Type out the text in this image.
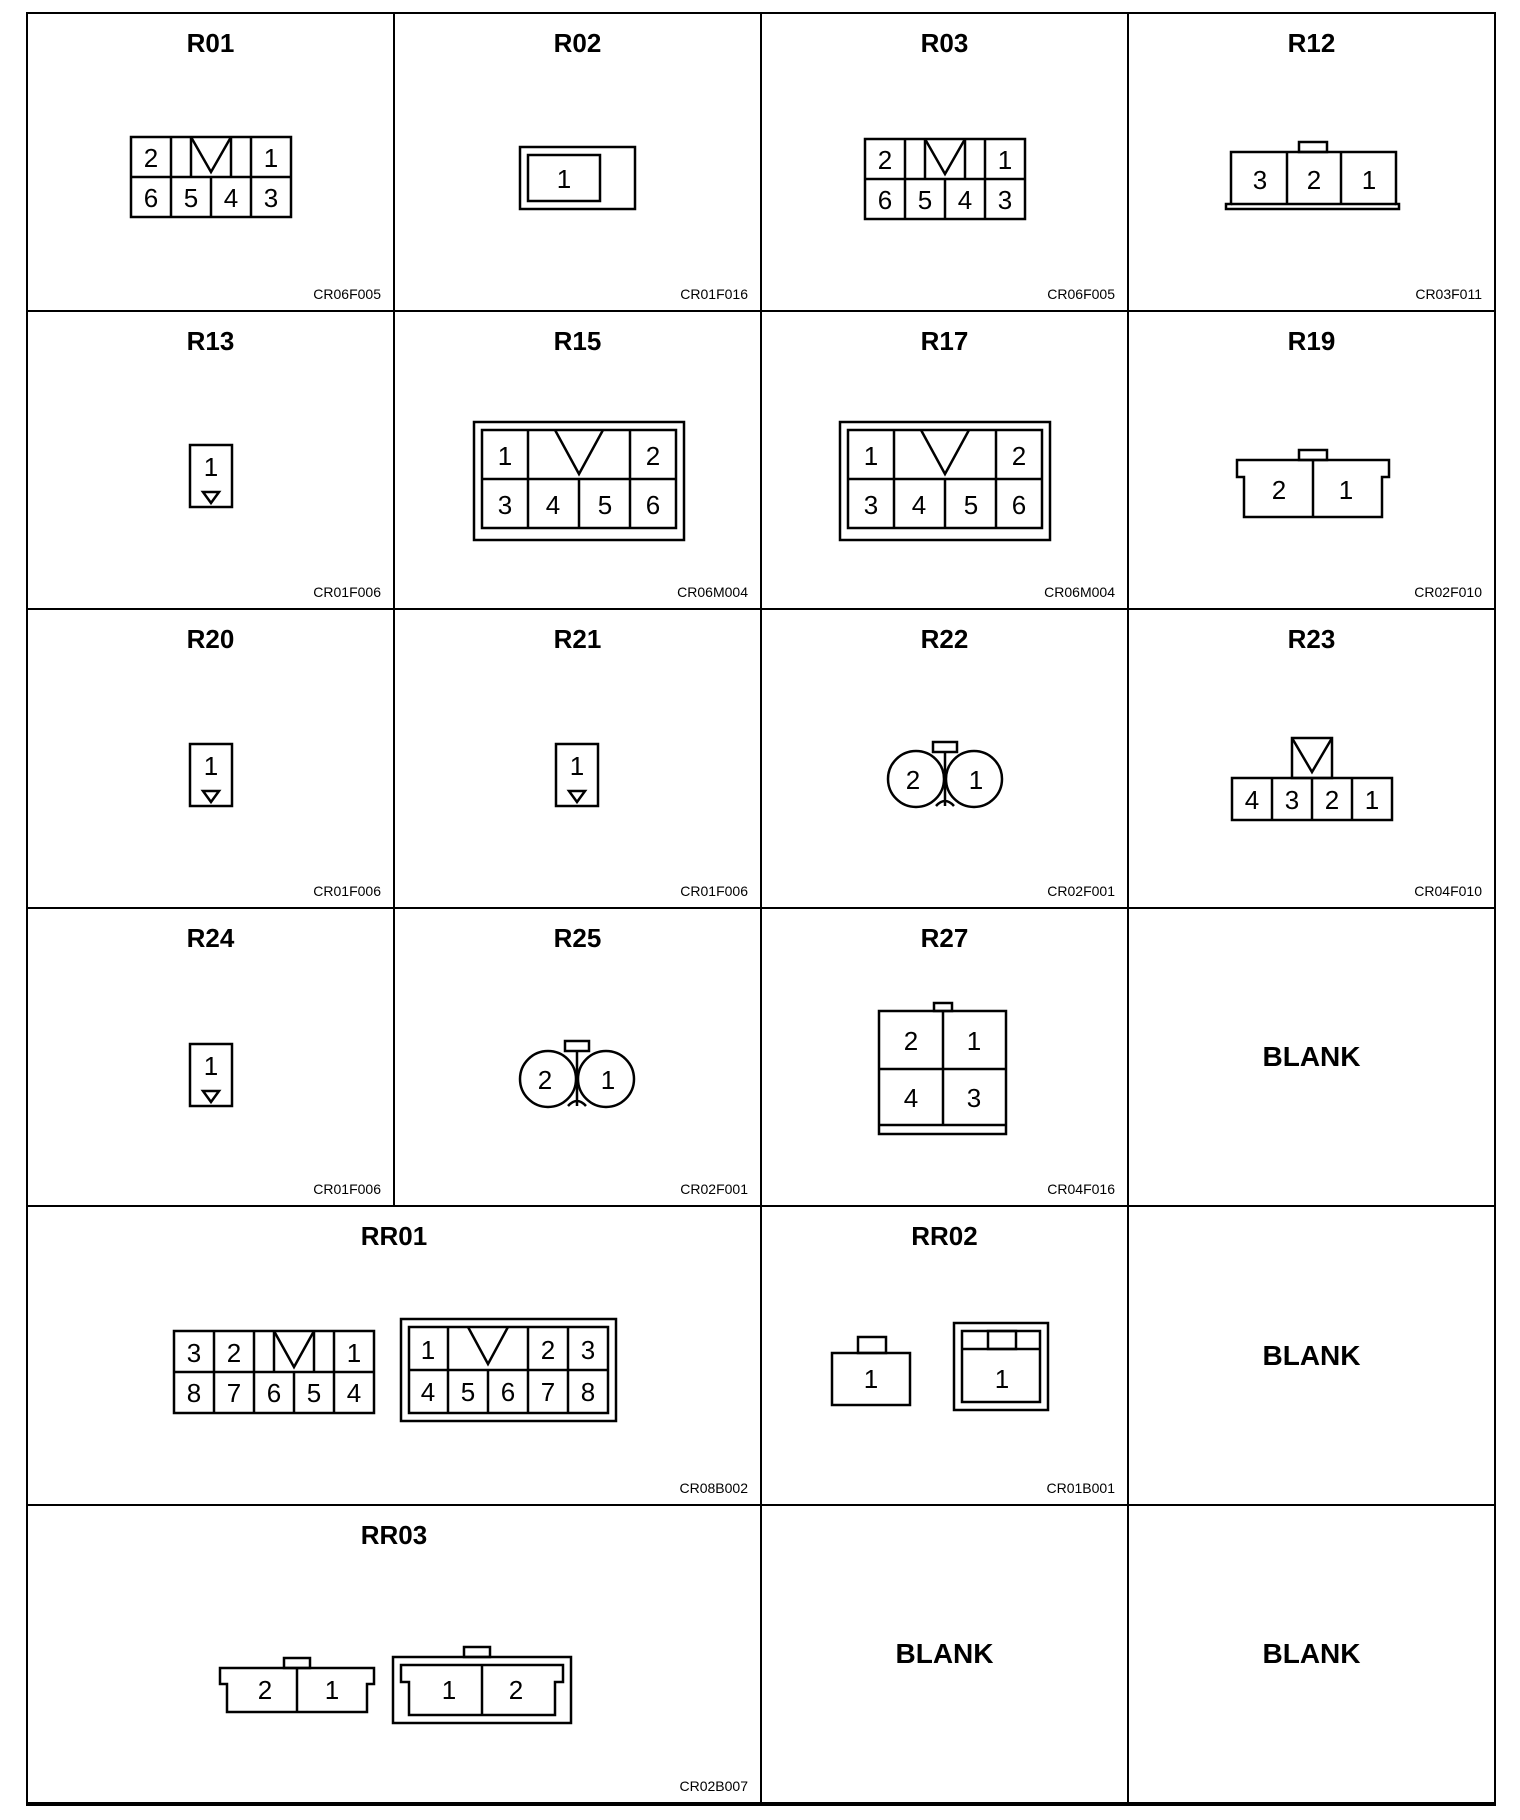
R01
2	1
6 5 4 3
CR06F005
R02
1
CR01F016
R03
2	1
6 5 4 3
CR06F005
R12
3 2 1
CR03F011
R13
1
CR01F006
R15
1	2
3 4 5 6
CR06M004
R17
1	2
3 4 5 6
CR06M004
R19
2 1
CR02F010
R20
1
CR01F006
R21
1
CR01F006
R22
2 1
CR02F001
R23
4 3 2 1
CR04F010
R24
1
CR01F006
R25
2 1
CR02F001
R27
2 1
4 3
CR04F016
BLANK
RR01
3 2	1
8 7 6 5 4
1	2 3
4 5 6 7 8
CR08B002
RR02
1	1
CR01B001
BLANK
RR03
2 1	1 2
CR02B007
BLANK	BLANK
